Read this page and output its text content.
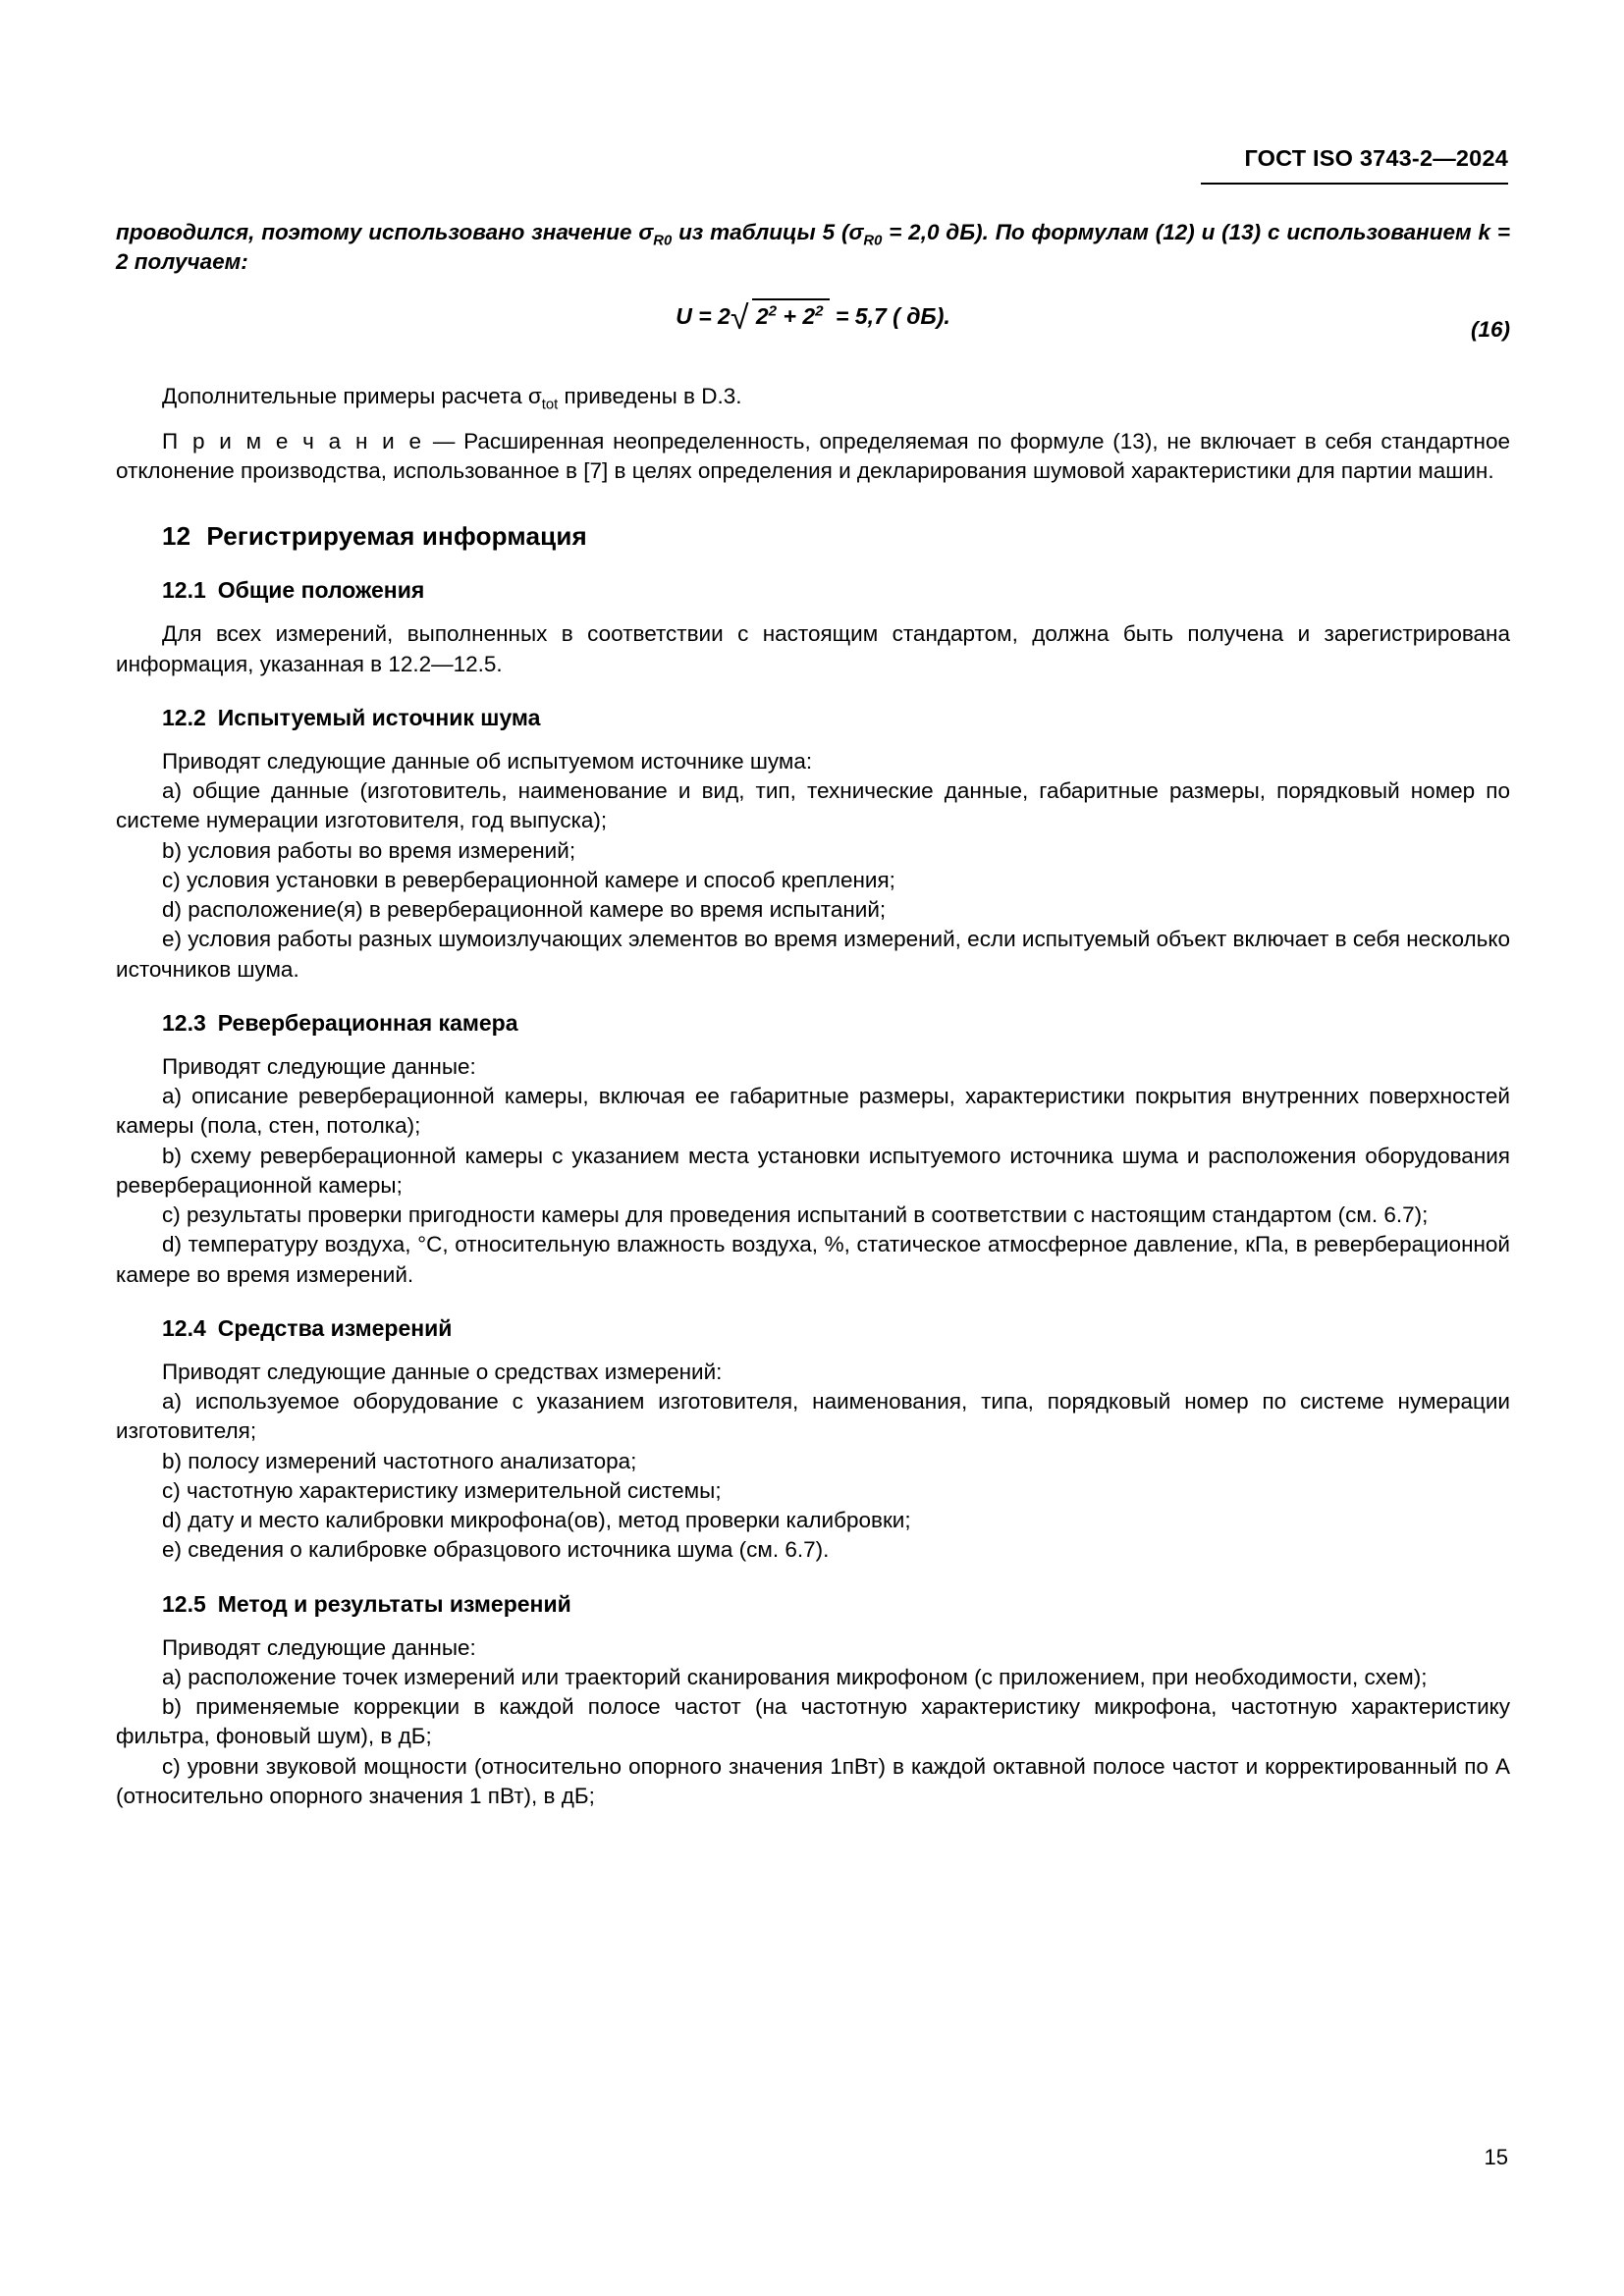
ГОСТ ISO 3743-2—2024

проводился, поэтому использовано значение $\sigma_{R0}$ из таблицы 5 ($\sigma_{R0} = 2,0$ дБ). По формулам (12) и (13) с использованием k = 2 получаем:

U = 2 √ $2^2 + 2^2 = 5,7$ ( дБ).
(16)

Дополнительные примеры расчета $\sigma_{tot}$ приведены в D.3.

П р и м е ч а н и е — Расширенная неопределенность, определяемая по формуле (13), не включает в себя стандартное отклонение производства, использованное в [7] в целях определения и декларирования шумовой характеристики для партии машин.

12 Регистрируемая информация
12.1 Общие положения

Для всех измерений, выполненных в соответствии с настоящим стандартом, должна быть получена и зарегистрирована информация, указанная в 12.2—12.5.

12.2 Испытуемый источник шума

Приводят следующие данные об испытуемом источнике шума:

a) общие данные (изготовитель, наименование и вид, тип, технические данные, габаритные размеры, порядковый номер по системе нумерации изготовителя, год выпуска);

b) условия работы во время измерений;

c) условия установки в реверберационной камере и способ крепления;

d) расположение(я) в реверберационной камере во время испытаний;

e) условия работы разных шумоизлучающих элементов во время измерений, если испытуемый объект включает в себя несколько источников шума.

12.3 Реверберационная камера

Приводят следующие данные:

a) описание реверберационной камеры, включая ее габаритные размеры, характеристики покрытия внутренних поверхностей камеры (пола, стен, потолка);

b) схему реверберационной камеры с указанием места установки испытуемого источника шума и расположения оборудования реверберационной камеры;

c) результаты проверки пригодности камеры для проведения испытаний в соответствии с настоящим стандартом (см. 6.7);

d) температуру воздуха, °С, относительную влажность воздуха, %, статическое атмосферное давление, кПа, в реверберационной камере во время измерений.

12.4 Средства измерений

Приводят следующие данные о средствах измерений:

a) используемое оборудование с указанием изготовителя, наименования, типа, порядковый номер по системе нумерации изготовителя;

b) полосу измерений частотного анализатора;

c) частотную характеристику измерительной системы;

d) дату и место калибровки микрофона(ов), метод проверки калибровки;

e) сведения о калибровке образцового источника шума (см. 6.7).

12.5 Метод и результаты измерений

Приводят следующие данные:

a) расположение точек измерений или траекторий сканирования микрофоном (с приложением, при необходимости, схем);

b) применяемые коррекции в каждой полосе частот (на частотную характеристику микрофона, частотную характеристику фильтра, фоновый шум), в дБ;

c) уровни звуковой мощности (относительно опорного значения 1пВт) в каждой октавной полосе частот и корректированный по А (относительно опорного значения 1 пВт), в дБ;

15
